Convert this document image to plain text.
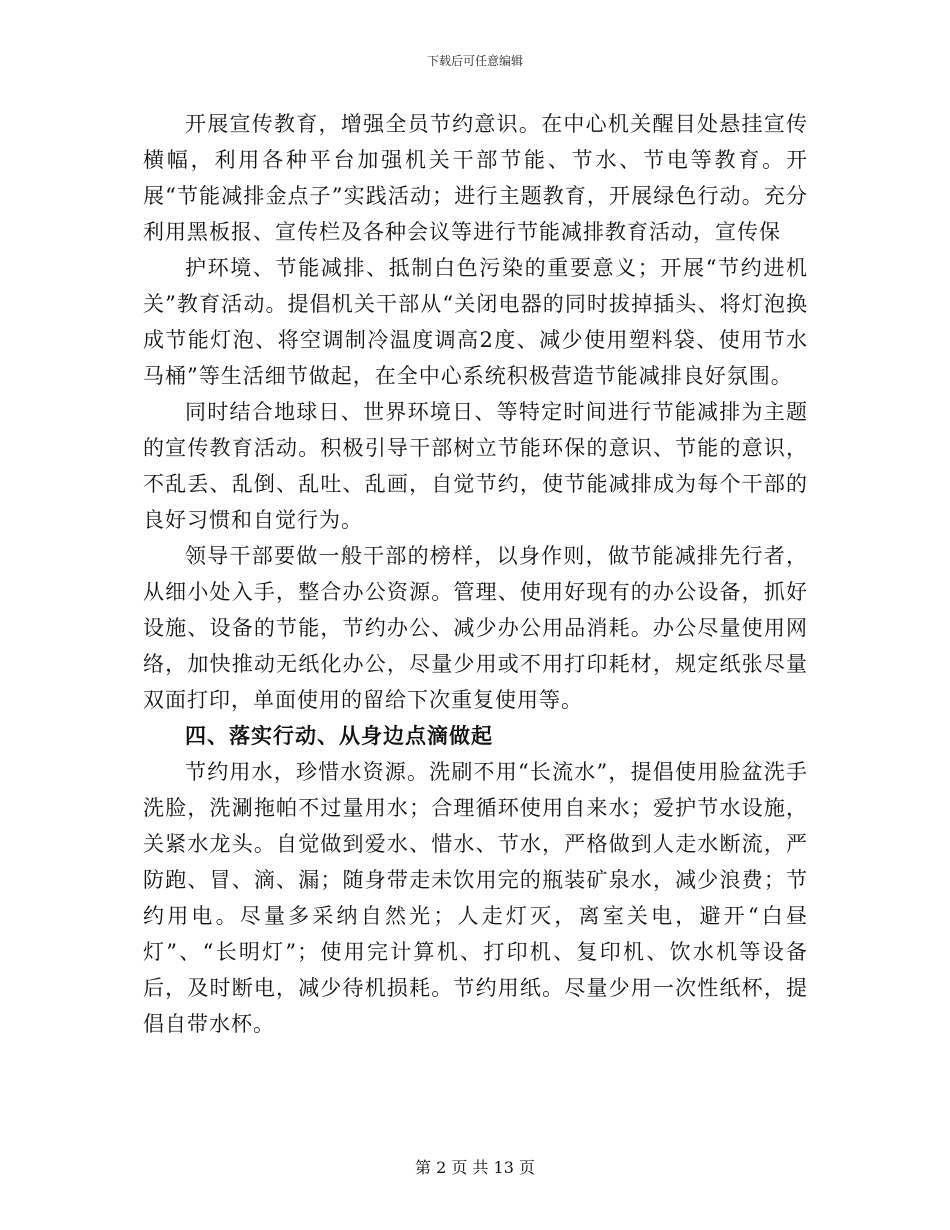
下载后可任意编辑

开展宣传教育，增强全员节约意识。在中心机关醒目处悬挂宣传横幅，利用各种平台加强机关干部节能、节水、节电等教育。开展“节能减排金点子”实践活动；进行主题教育，开展绿色行动。充分利用黑板报、宣传栏及各种会议等进行节能减排教育活动，宣传保

护环境、节能减排、抵制白色污染的重要意义；开展“节约进机关”教育活动。提倡机关干部从“关闭电器的同时拔掉插头、将灯泡换成节能灯泡、将空调制冷温度调高2度、减少使用塑料袋、使用节水马桶”等生活细节做起，在全中心系统积极营造节能减排良好氛围。

同时结合地球日、世界环境日、等特定时间进行节能减排为主题的宣传教育活动。积极引导干部树立节能环保的意识、节能的意识，不乱丢、乱倒、乱吐、乱画，自觉节约，使节能减排成为每个干部的良好习惯和自觉行为。

领导干部要做一般干部的榜样，以身作则，做节能减排先行者，从细小处入手，整合办公资源。管理、使用好现有的办公设备，抓好设施、设备的节能，节约办公、减少办公用品消耗。办公尽量使用网络，加快推动无纸化办公，尽量少用或不用打印耗材，规定纸张尽量双面打印，单面使用的留给下次重复使用等。

四、落实行动、从身边点滴做起

节约用水，珍惜水资源。洗刷不用“长流水”，提倡使用脸盆洗手洗脸，洗涮拖帕不过量用水；合理循环使用自来水；爱护节水设施，关紧水龙头。自觉做到爱水、惜水、节水，严格做到人走水断流，严防跑、冒、滴、漏；随身带走未饮用完的瓶装矿泉水，减少浪费；节约用电。尽量多采纳自然光；人走灯灭，离室关电，避开“白昼灯”、“长明灯”；使用完计算机、打印机、复印机、饮水机等设备后，及时断电，减少待机损耗。节约用纸。尽量少用一次性纸杯，提倡自带水杯。

第 2 页 共 13 页
